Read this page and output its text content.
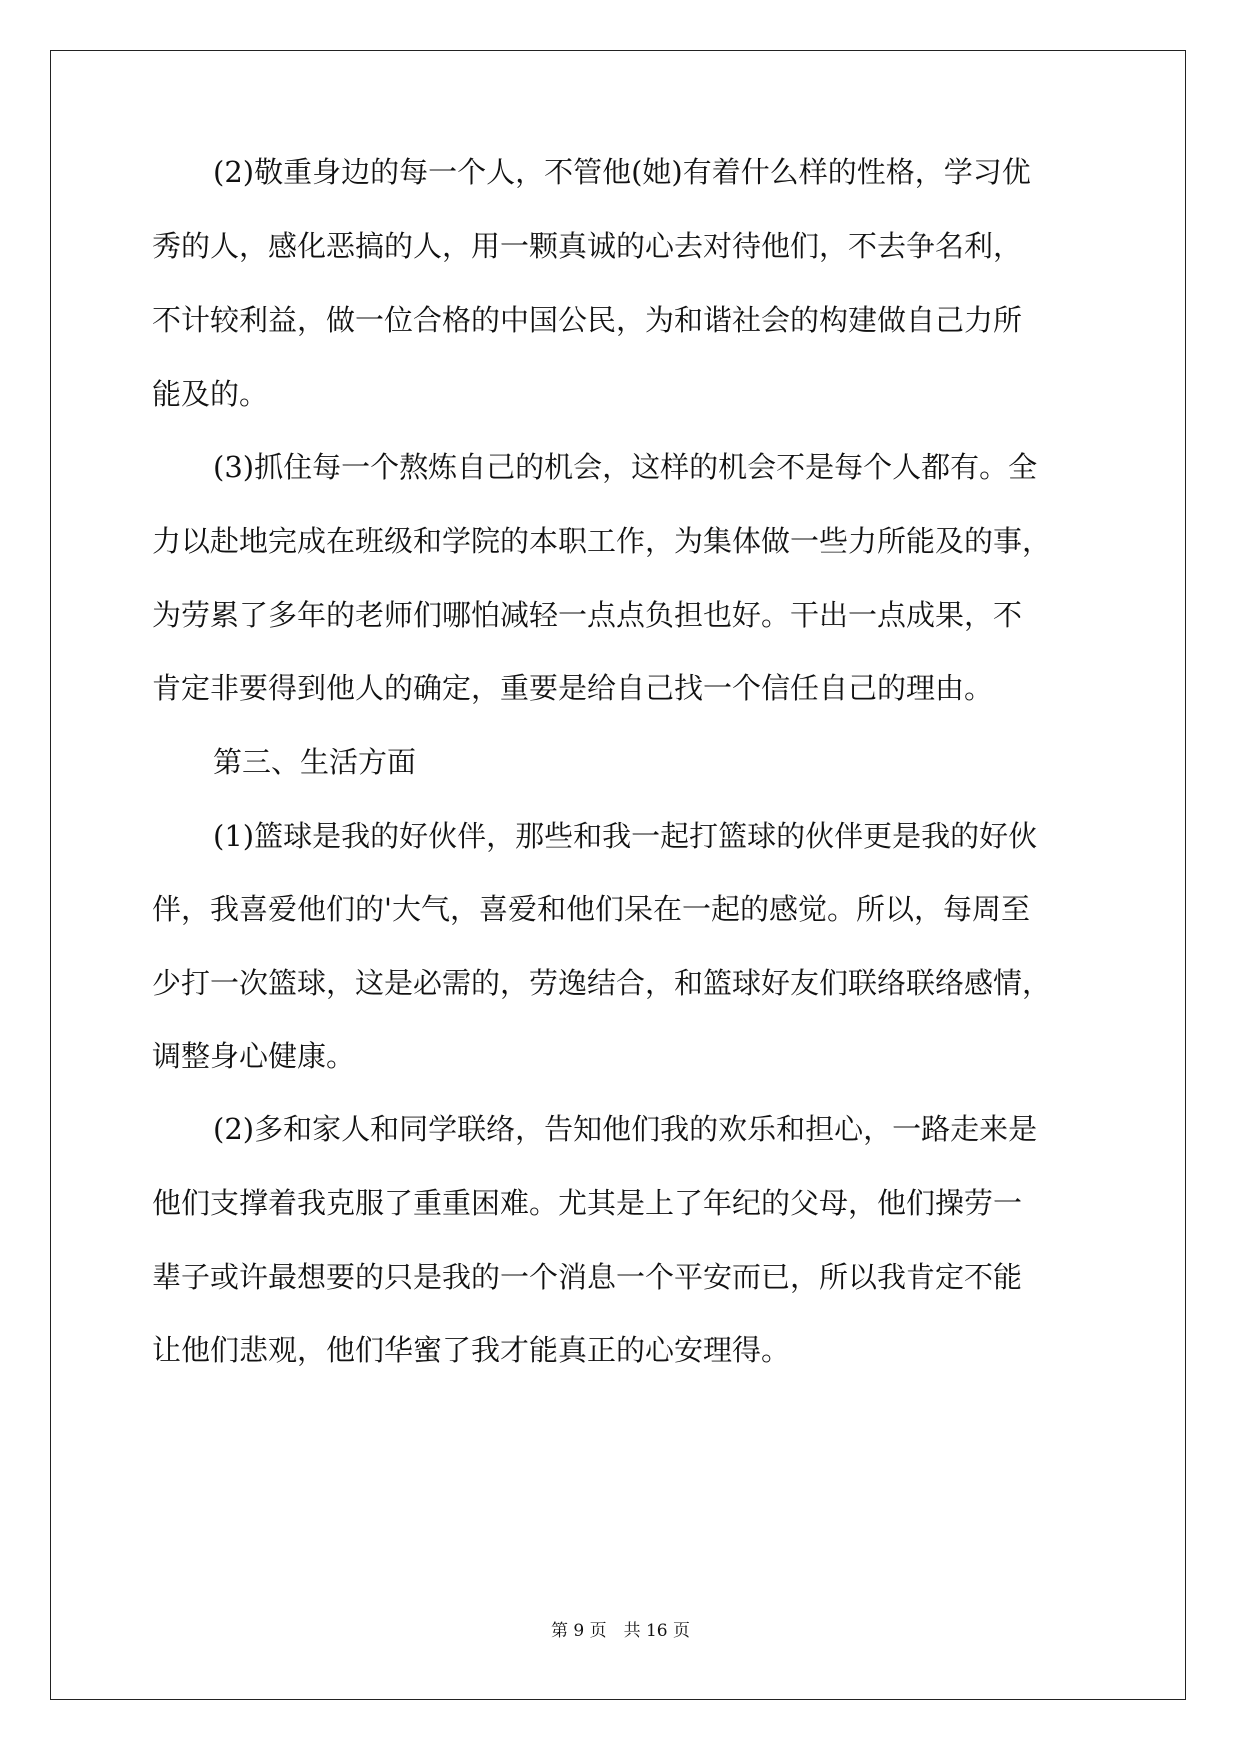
(2)敬重身边的每一个人，不管他(她)有着什么样的性格，学习优

秀的人，感化恶搞的人，用一颗真诚的心去对待他们，不去争名利，

不计较利益，做一位合格的中国公民，为和谐社会的构建做自己力所

能及的。

(3)抓住每一个熬炼自己的机会，这样的机会不是每个人都有。全

力以赴地完成在班级和学院的本职工作，为集体做一些力所能及的事，

为劳累了多年的老师们哪怕减轻一点点负担也好。干出一点成果，不

肯定非要得到他人的确定，重要是给自己找一个信任自己的理由。

第三、生活方面

(1)篮球是我的好伙伴，那些和我一起打篮球的伙伴更是我的好伙

伴，我喜爱他们的'大气，喜爱和他们呆在一起的感觉。所以，每周至

少打一次篮球，这是必需的，劳逸结合，和篮球好友们联络联络感情，

调整身心健康。

(2)多和家人和同学联络，告知他们我的欢乐和担心，一路走来是

他们支撑着我克服了重重困难。尤其是上了年纪的父母，他们操劳一

辈子或许最想要的只是我的一个消息一个平安而已，所以我肯定不能

让他们悲观，他们华蜜了我才能真正的心安理得。

第 9 页　共 16 页
